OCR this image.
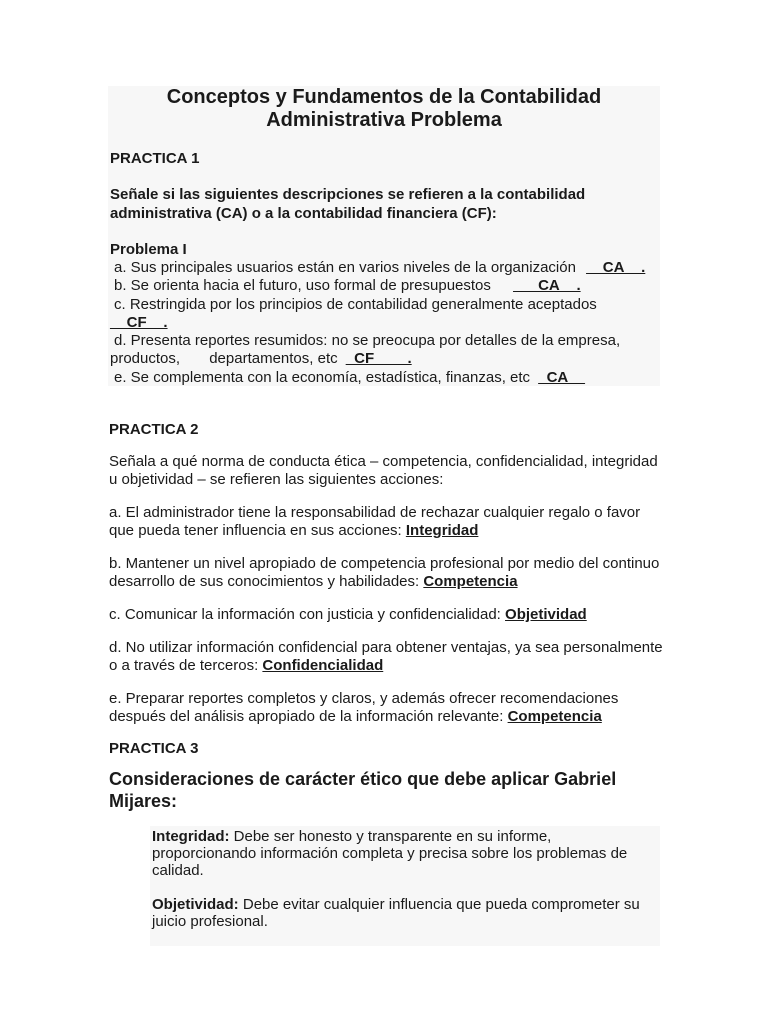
Conceptos y Fundamentos de la Contabilidad Administrativa Problema
PRACTICA 1
Señale si las siguientes descripciones se refieren a la contabilidad
administrativa (CA) o a la contabilidad financiera (CF):
Problema I
a. Sus principales usuarios están en varios niveles de la organización __CA__.
b. Se orienta hacia el futuro, uso formal de presupuestos ___CA__.
c. Restringida por los principios de contabilidad generalmente aceptados
__CF__.
d. Presenta reportes resumidos: no se preocupa por detalles de la empresa,
productos,       departamentos, etc _CF____.
e. Se complementa con la economía, estadística, finanzas, etc _CA__
PRACTICA 2

Señala a qué norma de conducta ética – competencia, confidencialidad, integridad u objetividad – se refieren las siguientes acciones:

a. El administrador tiene la responsabilidad de rechazar cualquier regalo o favor que pueda tener influencia en sus acciones: Integridad

b. Mantener un nivel apropiado de competencia profesional por medio del continuo desarrollo de sus conocimientos y habilidades: Competencia

c. Comunicar la información con justicia y confidencialidad: Objetividad

d. No utilizar información confidencial para obtener ventajas, ya sea personalmente o a través de terceros: Confidencialidad

e. Preparar reportes completos y claros, y además ofrecer recomendaciones después del análisis apropiado de la información relevante: Competencia

PRACTICA 3
Consideraciones de carácter ético que debe aplicar Gabriel Mijares:

Integridad: Debe ser honesto y transparente en su informe, proporcionando información completa y precisa sobre los problemas de calidad.

Objetividad: Debe evitar cualquier influencia que pueda comprometer su juicio profesional.
